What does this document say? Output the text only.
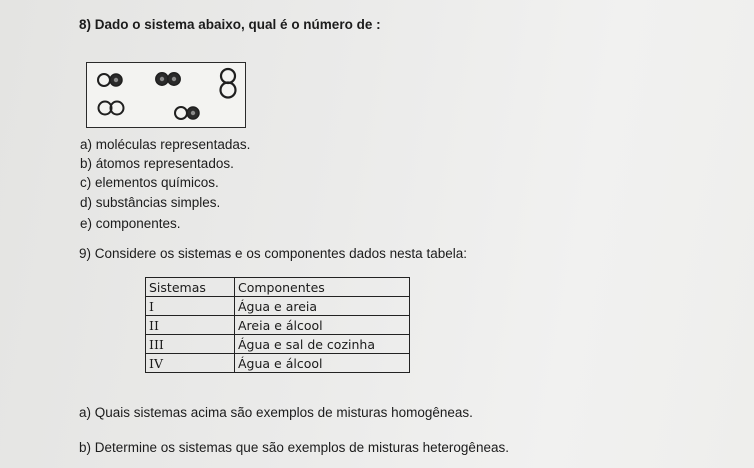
8) Dado o sistema abaixo, qual é o número de :
a) moléculas representadas.
b) átomos representados.
c) elementos químicos.
d) substâncias simples.
e) componentes.
9) Considere os sistemas e os componentes dados nesta tabela:
Sistemas	Componentes
I	Água e areia
II	Areia e álcool
III	Água e sal de cozinha
IV	Água e álcool
a) Quais sistemas acima são exemplos de misturas homogêneas.
b) Determine os sistemas que são exemplos de misturas heterogêneas.
